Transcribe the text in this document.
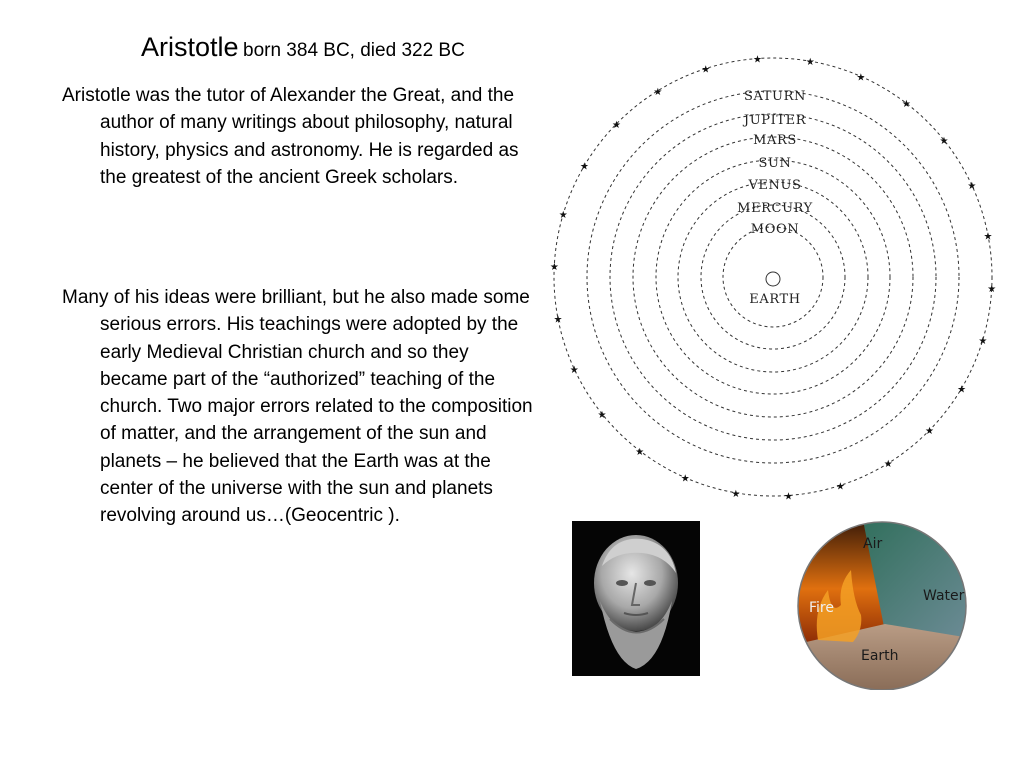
Aristotle born 384 BC, died 322 BC

Aristotle was the tutor of Alexander the Great, and the author of many writings about philosophy, natural history, physics and astronomy. He is regarded as the greatest of the ancient Greek scholars.

Many of his ideas were brilliant, but he also made some serious errors. His teachings were adopted by the early Medieval Christian church and so they became part of the “authorized” teaching of the church. Two major errors related to the composition of matter, and the arrangement of the sun and planets – he believed that the Earth was at the center of the universe with the sun and planets revolving around us…(Geocentric ).

★
★
★
★
★
★
★
★
★
★
★
★
★
★
★
★
★
★
★
★	★
★
★
★
★
★
SATURN
JUPITER
MARS
SUN
VENUS
MERCURY
MOON
EARTH
Air
Water
Fire
Earth
